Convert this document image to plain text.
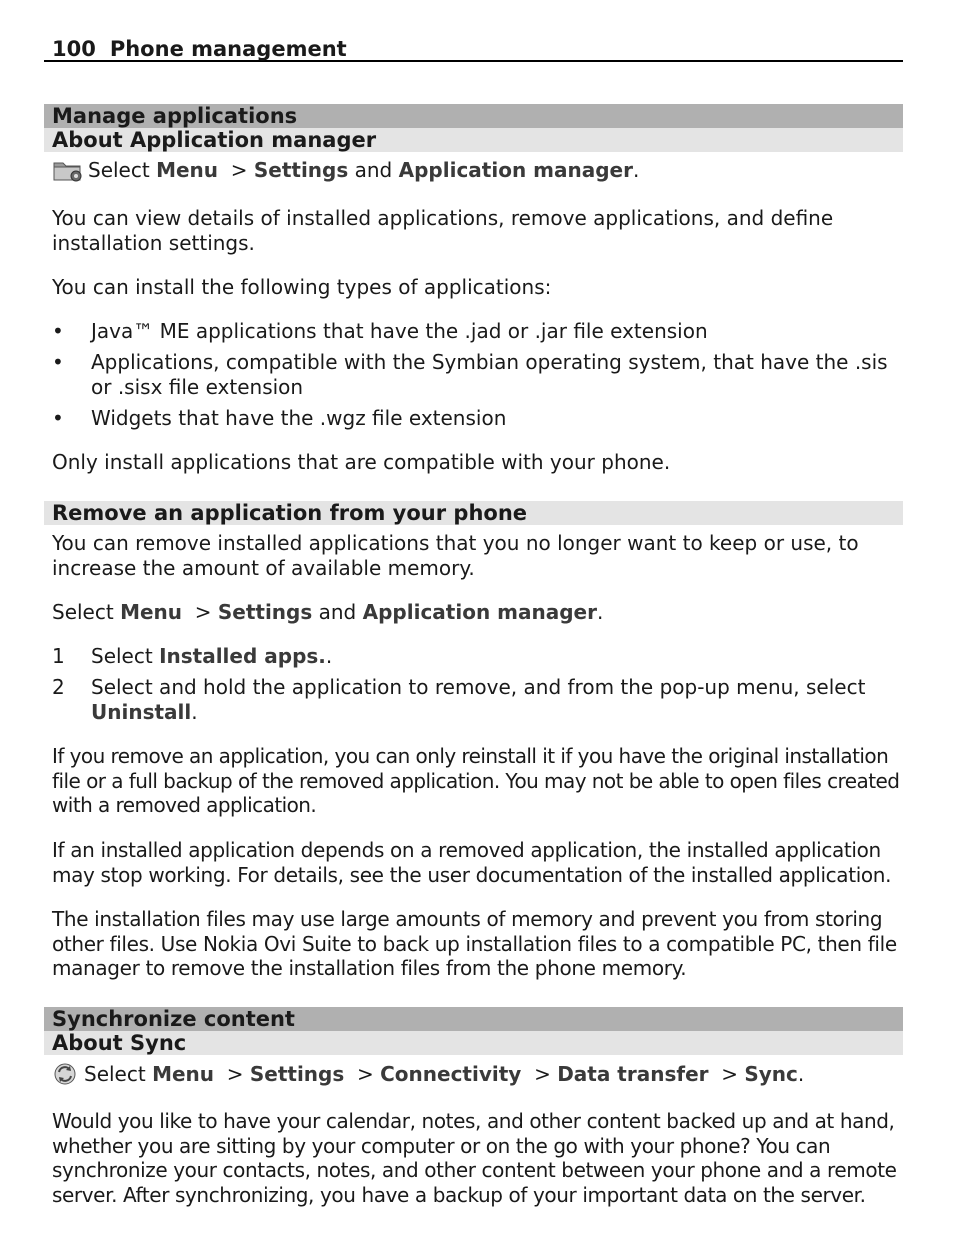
100 Phone management
Manage applications
About Application manager
Select Menu > Settings and Application manager.
You can view details of installed applications, remove applications, and define
installation settings.
You can install the following types of applications:
•	Java™ ME applications that have the .jad or .jar file extension
•	Applications, compatible with the Symbian operating system, that have the .sis
or .sisx file extension
•	Widgets that have the .wgz file extension
Only install applications that are compatible with your phone.
Remove an application from your phone
You can remove installed applications that you no longer want to keep or use, to
increase the amount of available memory.
Select Menu > Settings and Application manager.
1	Select Installed apps..
2	Select and hold the application to remove, and from the pop-up menu, select
Uninstall.
If you remove an application, you can only reinstall it if you have the original installation
file or a full backup of the removed application. You may not be able to open files created
with a removed application.
If an installed application depends on a removed application, the installed application
may stop working. For details, see the user documentation of the installed application.
The installation files may use large amounts of memory and prevent you from storing
other files. Use Nokia Ovi Suite to back up installation files to a compatible PC, then file
manager to remove the installation files from the phone memory.
Synchronize content
About Sync
Select Menu > Settings > Connectivity > Data transfer > Sync.
Would you like to have your calendar, notes, and other content backed up and at hand,
whether you are sitting by your computer or on the go with your phone? You can
synchronize your contacts, notes, and other content between your phone and a remote
server. After synchronizing, you have a backup of your important data on the server.
